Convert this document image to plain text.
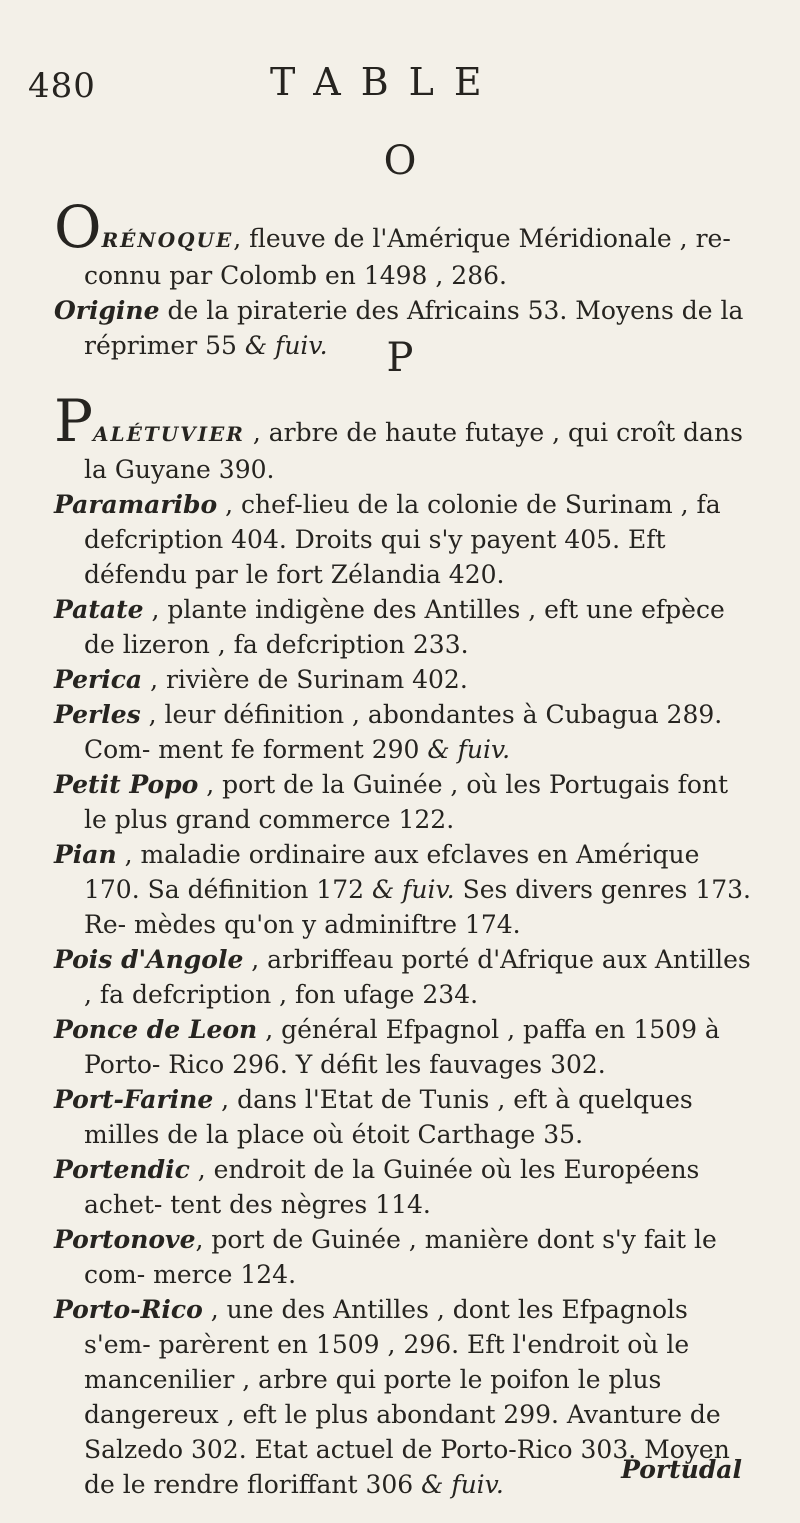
480	TABLE
O

ORÉNOQUE, fleuve de l'Amérique Méridionale , re- connu par Colomb en 1498 , 286.

Origine de la piraterie des Africains 53. Moyens de la réprimer 55 & fuiv.	P

PALÉTUVIER , arbre de haute futaye , qui croît dans la Guyane 390.

Paramaribo , chef-lieu de la colonie de Surinam , fa defcription 404. Droits qui s'y payent 405. Eft défendu par le fort Zélandia 420.

Patate , plante indigène des Antilles , eft une efpèce de lizeron , fa defcription 233.

Perica , rivière de Surinam 402.

Perles , leur définition , abondantes à Cubagua 289. Com- ment fe forment 290 & fuiv.

Petit Popo , port de la Guinée , où les Portugais font le plus grand commerce 122.

Pian , maladie ordinaire aux efclaves en Amérique 170. Sa définition 172 & fuiv. Ses divers genres 173. Re- mèdes qu'on y adminiftre 174.

Pois d'Angole , arbriffeau porté d'Afrique aux Antilles , fa defcription , fon ufage 234.

Ponce de Leon , général Efpagnol , paffa en 1509 à Porto- Rico 296. Y défit les fauvages 302.

Port-Farine , dans l'Etat de Tunis , eft à quelques milles de la place où étoit Carthage 35.

Portendic , endroit de la Guinée où les Européens achet- tent des nègres 114.

Portonove, port de Guinée , manière dont s'y fait le com- merce 124.

Porto-Rico , une des Antilles , dont les Efpagnols s'em- parèrent en 1509 , 296. Eft l'endroit où le mancenilier , arbre qui porte le poifon le plus dangereux , eft le plus abondant 299. Avanture de Salzedo 302. Etat actuel de Porto-Rico 303. Moyen de le rendre floriffant 306 & fuiv.

Portudal
